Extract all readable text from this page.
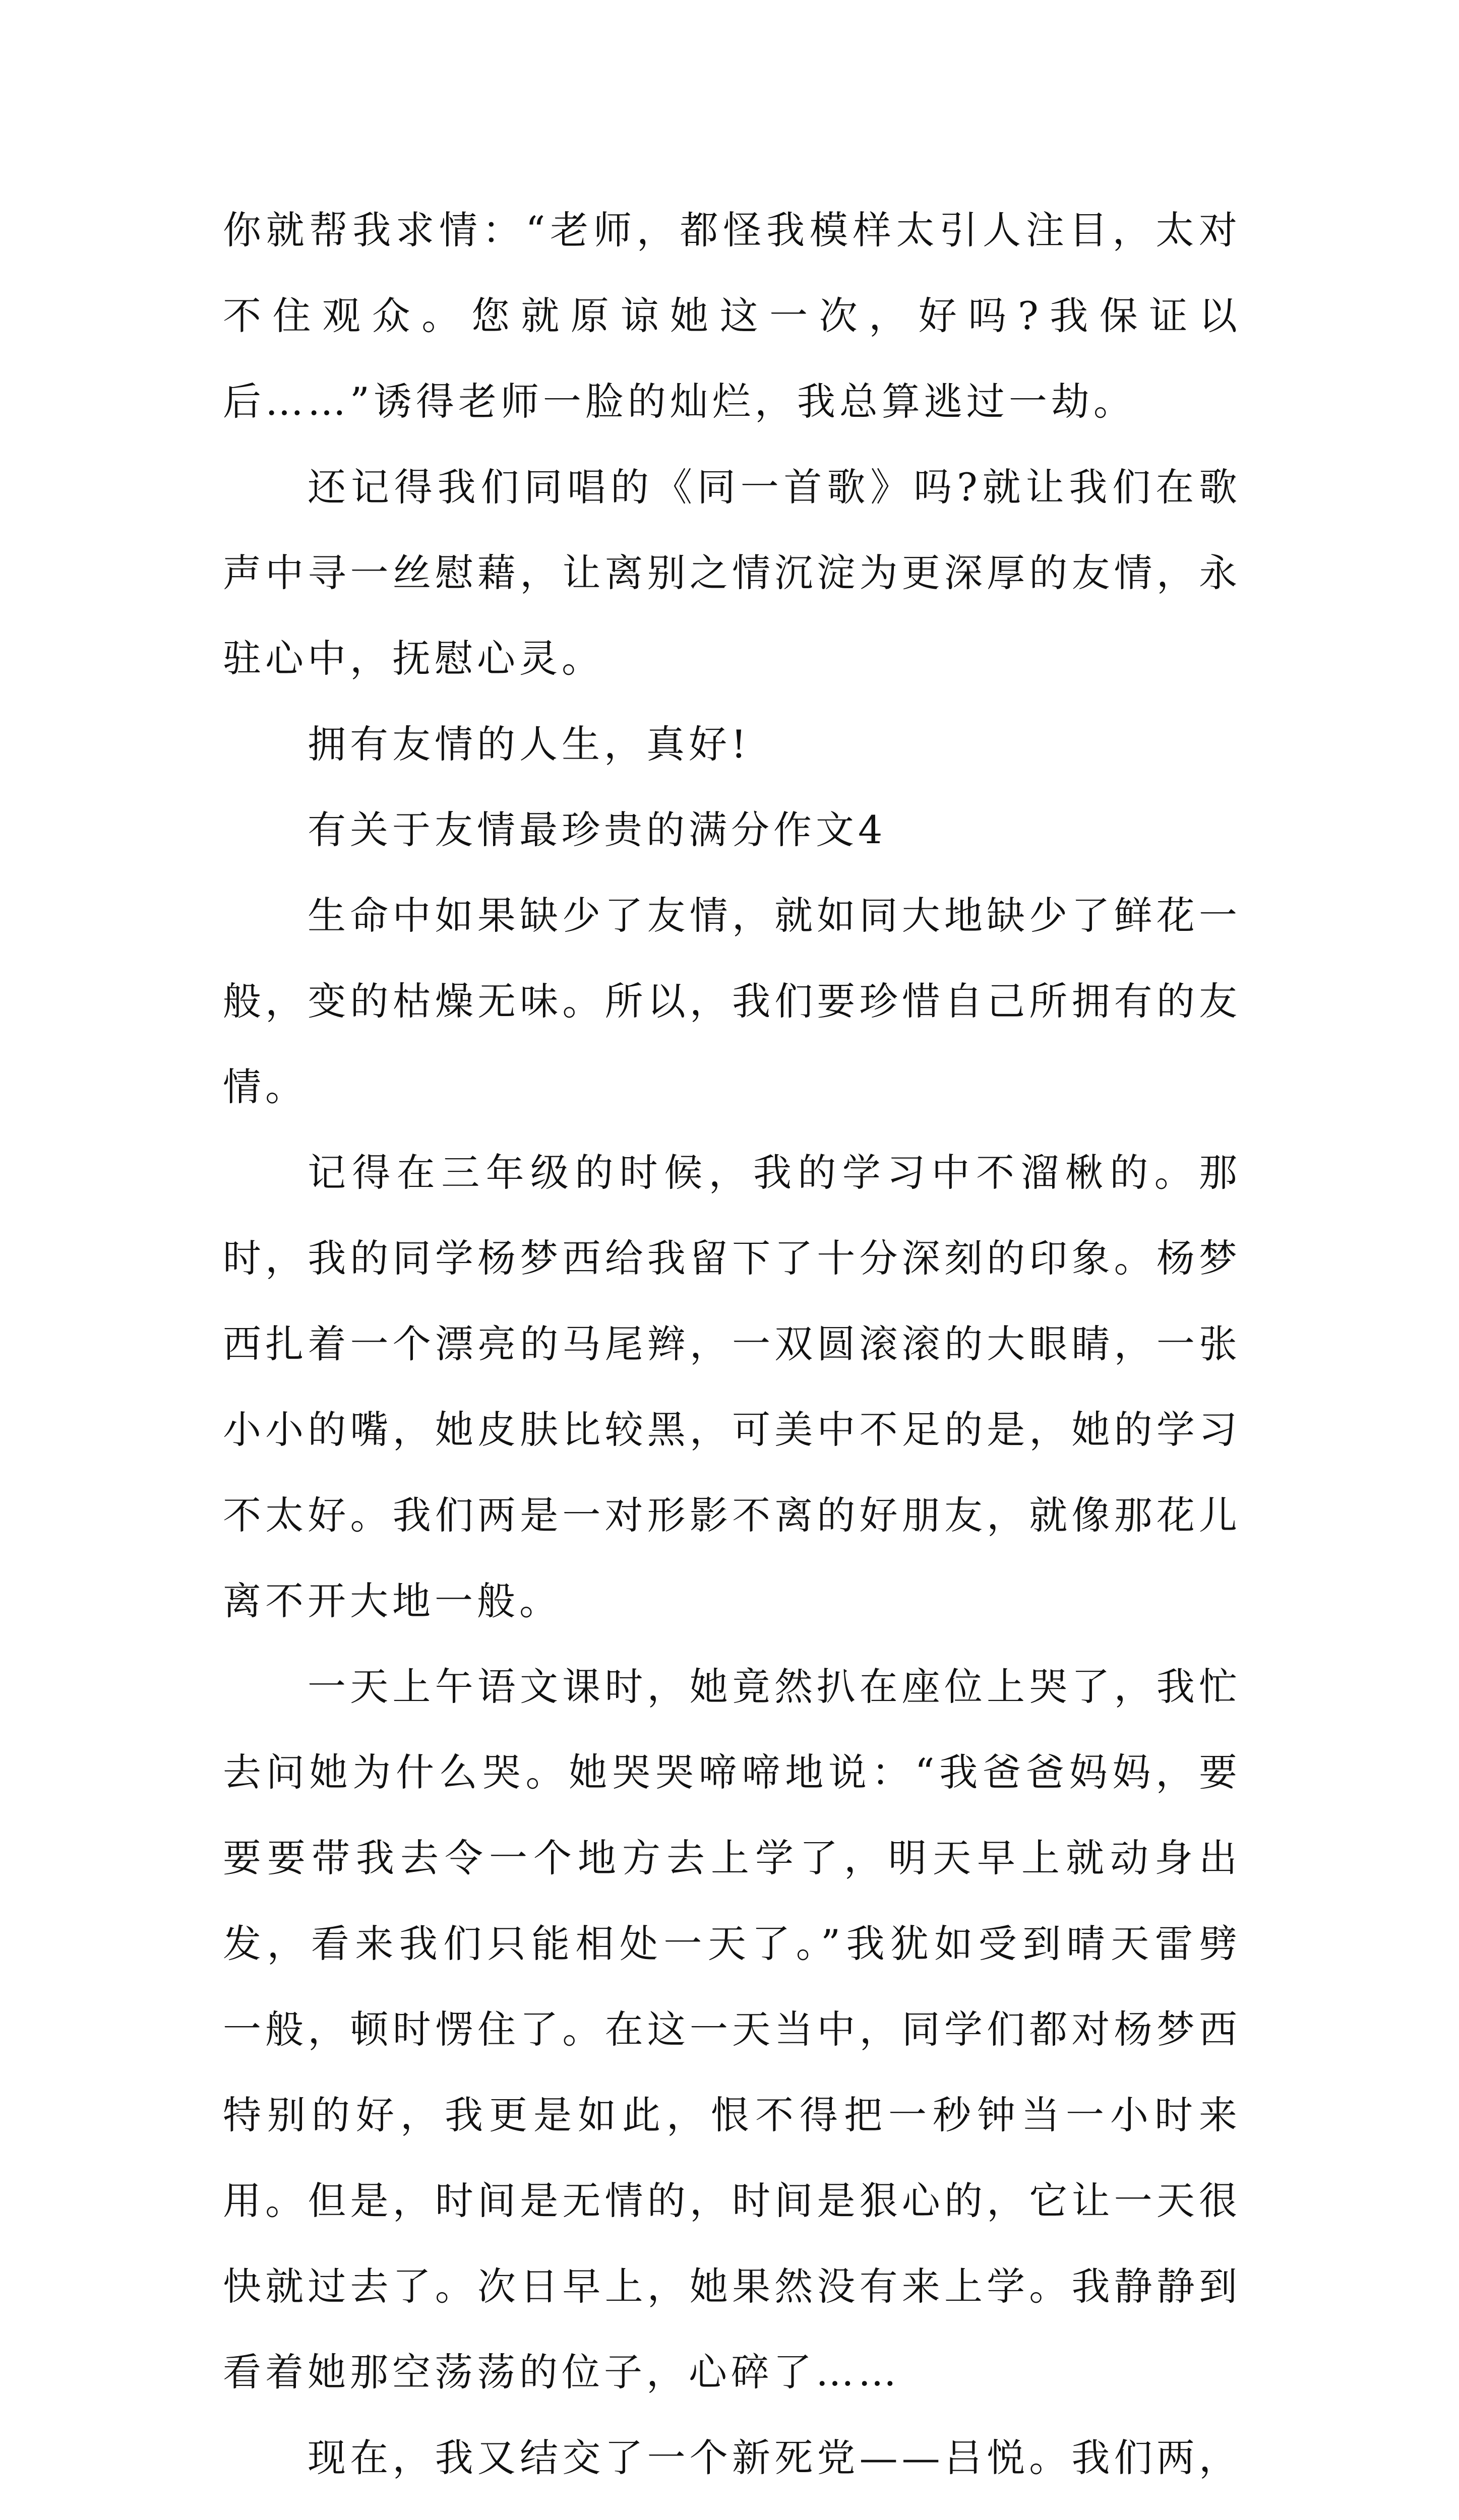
你就帮我求情：“老师，都怪我模样太引人注目，太对不住观众。您就原谅她这一次，好吗?我保证以后……”诱得老师一脸的灿烂，我总算逃过一劫。

还记得我们同唱的《同一首歌》吗?就让我们在歌声中寻一丝慰藉，让离别之情沉淀为更深厚的友情，永驻心中，抚慰心灵。

拥有友情的人生，真好!

有关于友情最珍贵的满分作文4

生命中如果缺少了友情，就如同大地缺少了鲜花一般，变的枯燥无味。所以，我们要珍惜自己所拥有的友情。

记得在三年级的时候，我的学习中不溜楸的。那时，我的同学杨梦西给我留下了十分深刻的印象。杨梦西扎着一个漂亮的马尾辫，一双圆滚滚的大眼睛，一张小小的嘴，她皮肤比较黑，可美中不足的是，她的学习不太好。我们两是一对形影不离的好朋友，就像那花儿离不开大地一般。

一天上午语文课时，她竟然扒在座位上哭了，我忙去问她为什么哭。她哭哭啼啼地说：“我爸爸妈妈，要要要带我去令一个地方去上学了，明天早上就动身出发，看来我们只能相处一天了。”我犹如受到晴天雷劈一般，顿时愣住了。在这一天当中，同学们都对杨梦西特别的好，我更是如此，恨不得把一秒钟当一小时来用。但是，时间是无情的，时间是狠心的，它让一天很快就过去了。次日早上，她果然没有来上学。我静静到看着她那空荡荡的位子，心碎了……

现在，我又结交了一个新死党——吕悦。我们两，
